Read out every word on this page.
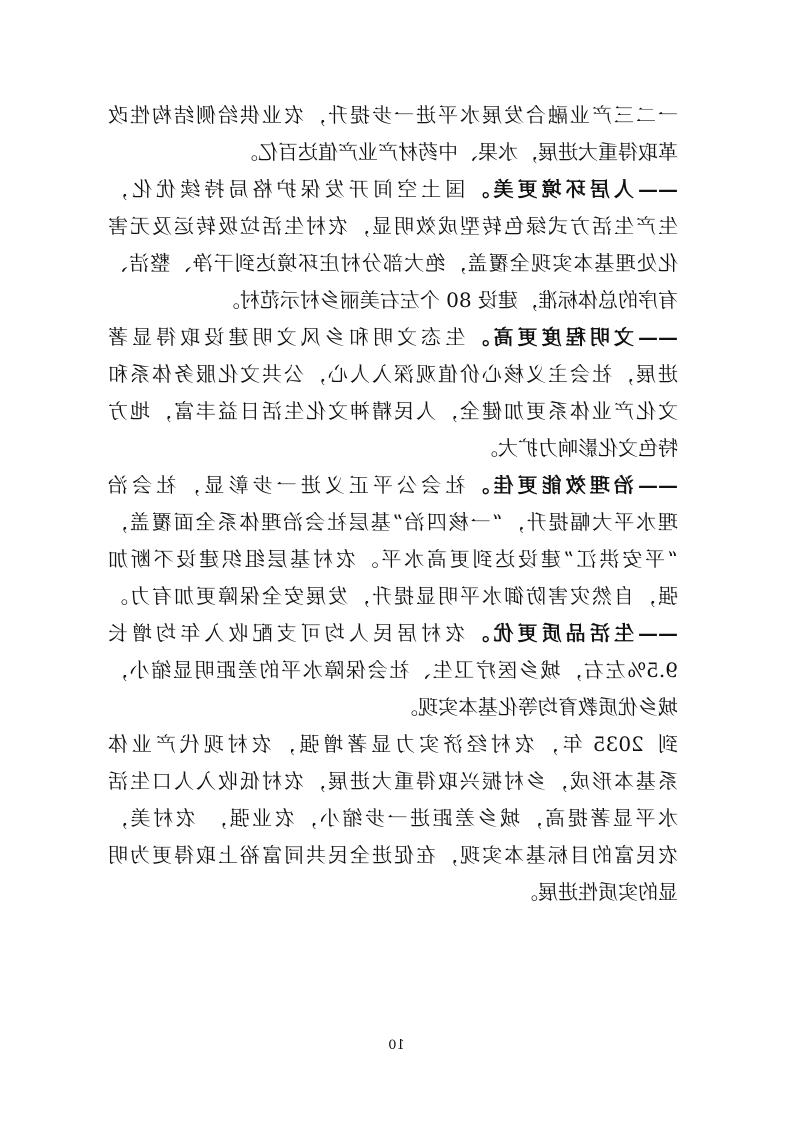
一二三产业融合发展水平进一步提升，农业供给侧结构性改
革取得重大进展，水果、中药材产业产值达百亿。
——人居环境更美。国土空间开发保护格局持续优化，
生产生活方式绿色转型成效明显，农村生活垃圾转运及无害
化处理基本实现全覆盖，绝大部分村庄环境达到干净、整洁、
有序的总体标准，建设 80 个左右美丽乡村示范村。
——文明程度更高。生态文明和乡风文明建设取得显著
进展，社会主义核心价值观深入人心，公共文化服务体系和
文化产业体系更加健全，人民精神文化生活日益丰富，地方
特色文化影响力扩大。
——治理效能更佳。社会公平正义进一步彰显，社会治
理水平大幅提升，“一核四治”基层社会治理体系全面覆盖，
“平安洪江”建设达到更高水平。农村基层组织建设不断加
强，自然灾害防御水平明显提升，发展安全保障更加有力。
——生活品质更优。农村居民人均可支配收入年均增长
9.5%左右，城乡医疗卫生、社会保障水平的差距明显缩小，
城乡优质教育均等化基本实现。
到 2035 年，农村经济实力显著增强，农村现代产业体
系基本形成，乡村振兴取得重大进展，农村低收入人口生活
水平显著提高，城乡差距进一步缩小，农业强， 农村美，
农民富的目标基本实现，在促进全民共同富裕上取得更为明
显的实质性进展。
10
